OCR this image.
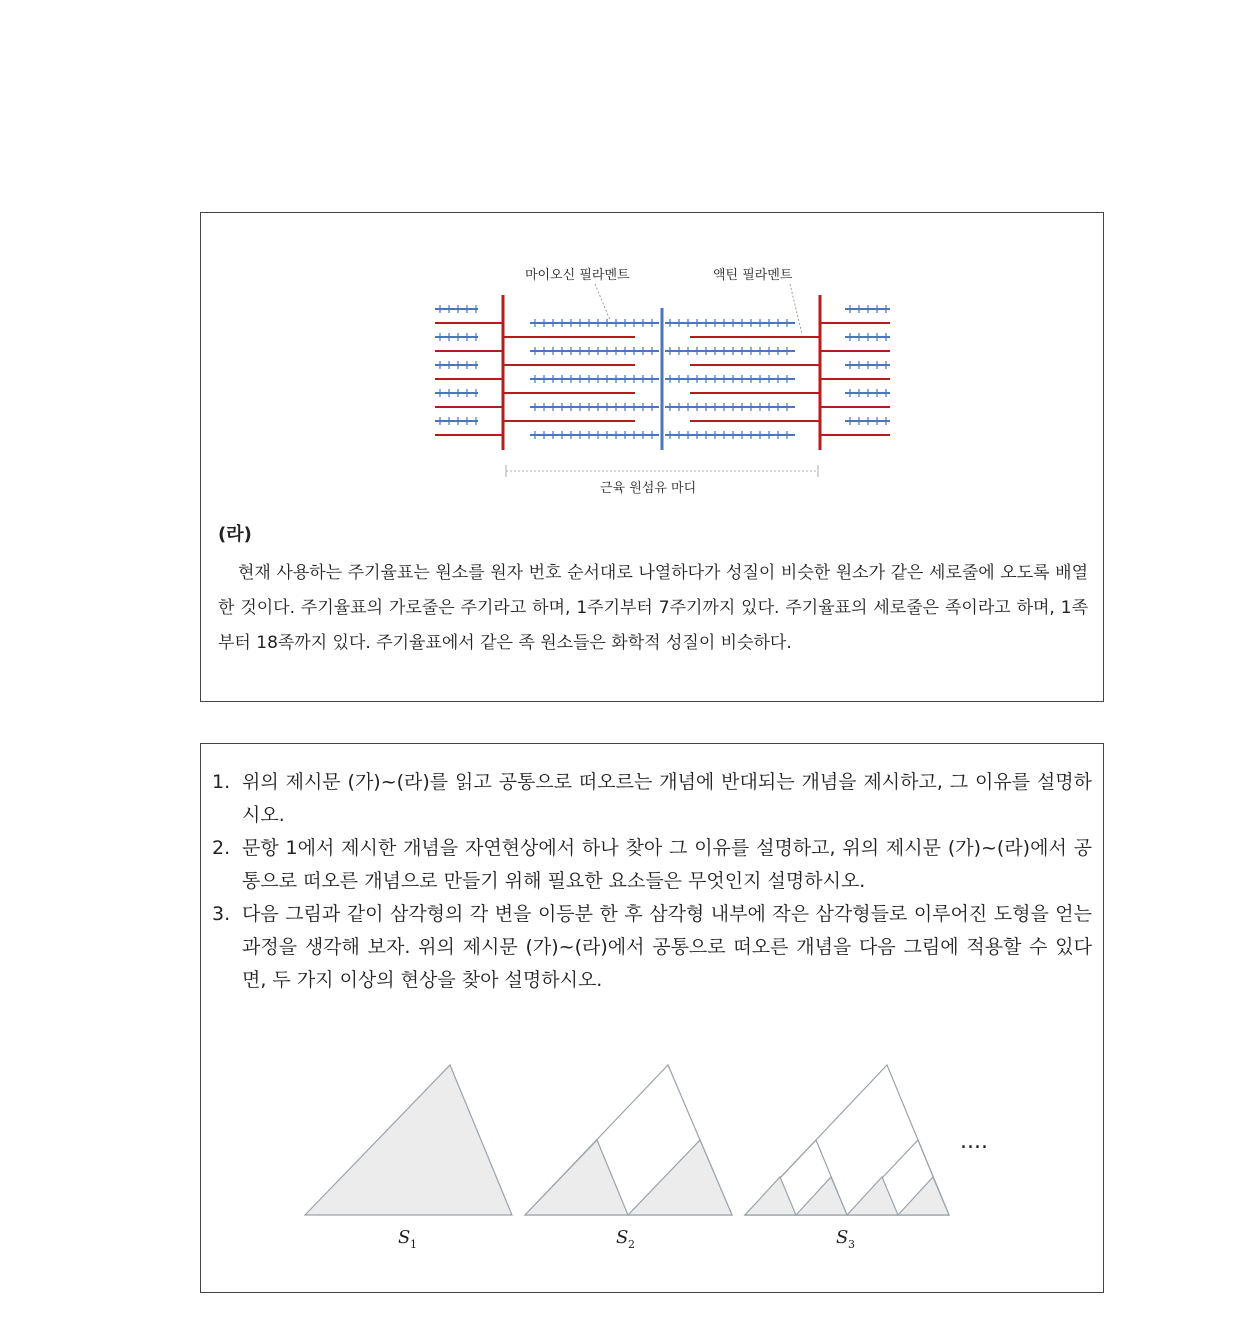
마이오신 필라멘트	액틴 필라멘트
근육 원섬유 마디
(라)

현재 사용하는 주기율표는 원소를 원자 번호 순서대로 나열하다가 성질이 비슷한 원소가 같은 세로줄에 오도록 배열한 것이다. 주기율표의 가로줄은 주기라고 하며, 1주기부터 7주기까지 있다. 주기율표의 세로줄은 족이라고 하며, 1족부터 18족까지 있다. 주기율표에서 같은 족 원소들은 화학적 성질이 비슷하다.

1. 위의 제시문 (가)~(라)를 읽고 공통으로 떠오르는 개념에 반대되는 개념을 제시하고, 그 이유를 설명하시오.
2. 문항 1에서 제시한 개념을 자연현상에서 하나 찾아 그 이유를 설명하고, 위의 제시문 (가)~(라)에서 공통으로 떠오른 개념으로 만들기 위해 필요한 요소들은 무엇인지 설명하시오.
3. 다음 그림과 같이 삼각형의 각 변을 이등분 한 후 삼각형 내부에 작은 삼각형들로 이루어진 도형을 얻는 과정을 생각해 보자. 위의 제시문 (가)~(라)에서 공통으로 떠오른 개념을 다음 그림에 적용할 수 있다면, 두 가지 이상의 현상을 찾아 설명하시오.
....
S 1	S 2	S 3
